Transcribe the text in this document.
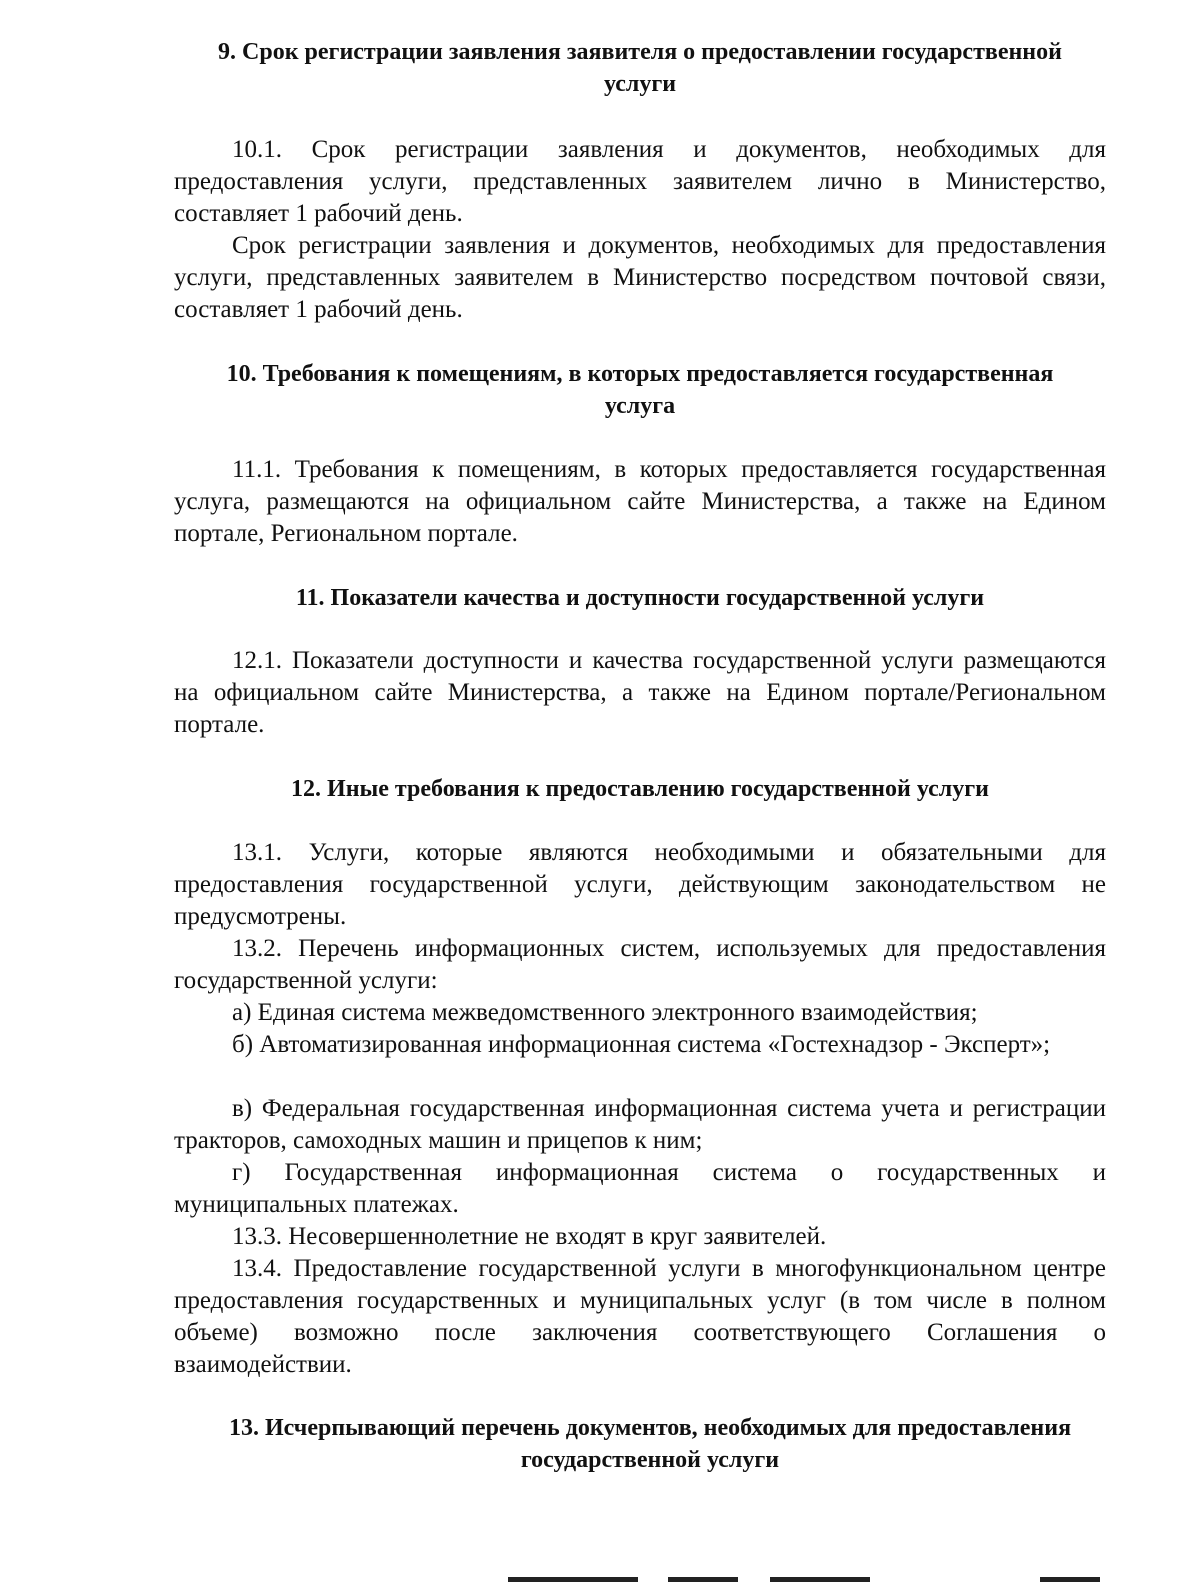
9. Срок регистрации заявления заявителя о предоставлении государственной услуги

10.1. Срок регистрации заявления и документов, необходимых для предоставления услуги, представленных заявителем лично в Министерство, составляет 1 рабочий день.

Срок регистрации заявления и документов, необходимых для предоставления услуги, представленных заявителем в Министерство посредством почтовой связи, составляет 1 рабочий день.

10. Требования к помещениям, в которых предоставляется государственная услуга

11.1. Требования к помещениям, в которых предоставляется государственная услуга, размещаются на официальном сайте Министерства, а также на Едином портале, Региональном портале.

11. Показатели качества и доступности государственной услуги

12.1. Показатели доступности и качества государственной услуги размещаются на официальном сайте Министерства, а также на Едином портале/Региональном портале.

12. Иные требования к предоставлению государственной услуги

13.1. Услуги, которые являются необходимыми и обязательными для предоставления государственной услуги, действующим законодательством не предусмотрены.

13.2. Перечень информационных систем, используемых для предоставления государственной услуги:

а) Единая система межведомственного электронного взаимодействия;

б) Автоматизированная информационная система «Гостехнадзор - Эксперт»;

в) Федеральная государственная информационная система учета и регистрации тракторов, самоходных машин и прицепов к ним;

г) Государственная информационная система о государственных и муниципальных платежах.

13.3. Несовершеннолетние не входят в круг заявителей.

13.4. Предоставление государственной услуги в многофункциональном центре предоставления государственных и муниципальных услуг (в том числе в полном объеме) возможно после заключения соответствующего Соглашения о взаимодействии.

13. Исчерпывающий перечень документов, необходимых для предоставления государственной услуги
